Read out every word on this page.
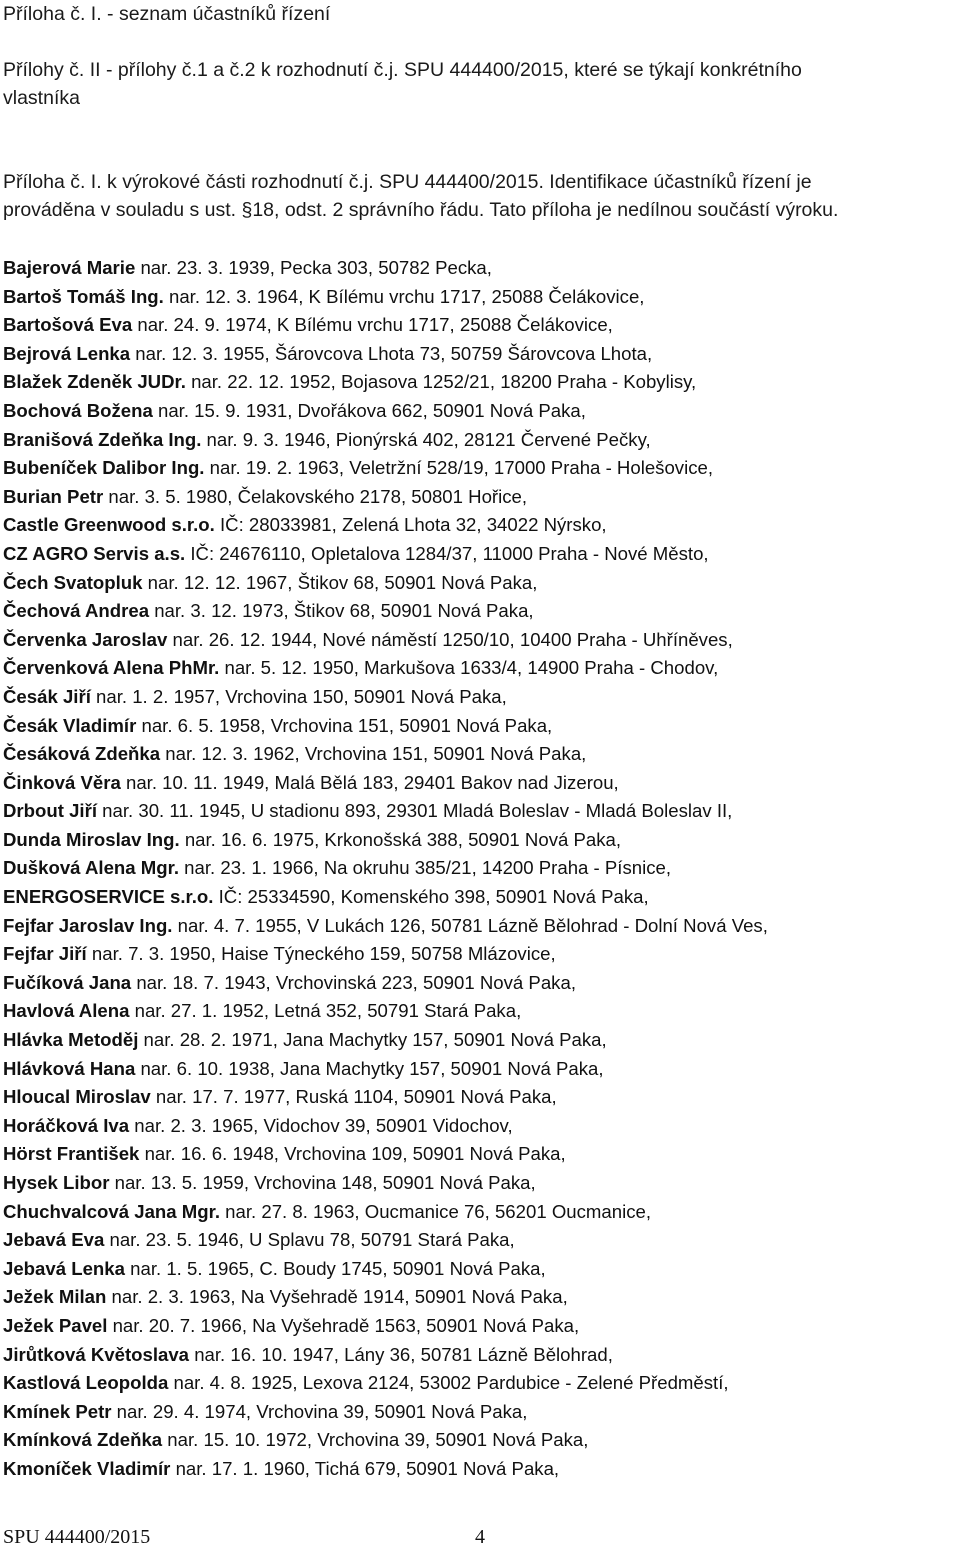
Příloha č. I. - seznam účastníků řízení

Přílohy č. II - přílohy č.1 a č.2 k rozhodnutí č.j. SPU 444400/2015, které se týkají konkrétního

vlastníka

Příloha č. I. k výrokové části rozhodnutí č.j. SPU 444400/2015. Identifikace účastníků řízení je

prováděna v souladu s ust. §18, odst. 2 správního řádu. Tato příloha je nedílnou součástí výroku.

Bajerová Marie nar. 23. 3. 1939, Pecka 303, 50782 Pecka,
Bartoš Tomáš Ing. nar. 12. 3. 1964, K Bílému vrchu 1717, 25088 Čelákovice,
Bartošová Eva nar. 24. 9. 1974, K Bílému vrchu 1717, 25088 Čelákovice,
Bejrová Lenka nar. 12. 3. 1955, Šárovcova Lhota 73, 50759 Šárovcova Lhota,
Blažek Zdeněk JUDr. nar. 22. 12. 1952, Bojasova 1252/21, 18200 Praha - Kobylisy,
Bochová Božena nar. 15. 9. 1931, Dvořákova 662, 50901 Nová Paka,
Branišová Zdeňka Ing. nar. 9. 3. 1946, Pionýrská 402, 28121 Červené Pečky,
Bubeníček Dalibor Ing. nar. 19. 2. 1963, Veletržní 528/19, 17000 Praha - Holešovice,
Burian Petr nar. 3. 5. 1980, Čelakovského 2178, 50801 Hořice,
Castle Greenwood s.r.o. IČ: 28033981, Zelená Lhota 32, 34022 Nýrsko,
CZ AGRO Servis a.s. IČ: 24676110, Opletalova 1284/37, 11000 Praha - Nové Město,
Čech Svatopluk nar. 12. 12. 1967, Štikov 68, 50901 Nová Paka,
Čechová Andrea nar. 3. 12. 1973, Štikov 68, 50901 Nová Paka,
Červenka Jaroslav nar. 26. 12. 1944, Nové náměstí 1250/10, 10400 Praha - Uhříněves,
Červenková Alena PhMr. nar. 5. 12. 1950, Markušova 1633/4, 14900 Praha - Chodov,
Česák Jiří nar. 1. 2. 1957, Vrchovina 150, 50901 Nová Paka,
Česák Vladimír nar. 6. 5. 1958, Vrchovina 151, 50901 Nová Paka,
Česáková Zdeňka nar. 12. 3. 1962, Vrchovina 151, 50901 Nová Paka,
Činková Věra nar. 10. 11. 1949, Malá Bělá 183, 29401 Bakov nad Jizerou,
Drbout Jiří nar. 30. 11. 1945, U stadionu 893, 29301 Mladá Boleslav - Mladá Boleslav II,
Dunda Miroslav Ing. nar. 16. 6. 1975, Krkonošská 388, 50901 Nová Paka,
Dušková Alena Mgr. nar. 23. 1. 1966, Na okruhu 385/21, 14200 Praha - Písnice,
ENERGOSERVICE s.r.o. IČ: 25334590, Komenského 398, 50901 Nová Paka,
Fejfar Jaroslav Ing. nar. 4. 7. 1955, V Lukách 126, 50781 Lázně Bělohrad - Dolní Nová Ves,
Fejfar Jiří nar. 7. 3. 1950, Haise Týneckého 159, 50758 Mlázovice,
Fučíková Jana nar. 18. 7. 1943, Vrchovinská 223, 50901 Nová Paka,
Havlová Alena nar. 27. 1. 1952, Letná 352, 50791 Stará Paka,
Hlávka Metoděj nar. 28. 2. 1971, Jana Machytky 157, 50901 Nová Paka,
Hlávková Hana nar. 6. 10. 1938, Jana Machytky 157, 50901 Nová Paka,
Hloucal Miroslav nar. 17. 7. 1977, Ruská 1104, 50901 Nová Paka,
Horáčková Iva nar. 2. 3. 1965, Vidochov 39, 50901 Vidochov,
Hörst František nar. 16. 6. 1948, Vrchovina 109, 50901 Nová Paka,
Hysek Libor nar. 13. 5. 1959, Vrchovina 148, 50901 Nová Paka,
Chuchvalcová Jana Mgr. nar. 27. 8. 1963, Oucmanice 76, 56201 Oucmanice,
Jebavá Eva nar. 23. 5. 1946, U Splavu 78, 50791 Stará Paka,
Jebavá Lenka nar. 1. 5. 1965, C. Boudy 1745, 50901 Nová Paka,
Ježek Milan nar. 2. 3. 1963, Na Vyšehradě 1914, 50901 Nová Paka,
Ježek Pavel nar. 20. 7. 1966, Na Vyšehradě 1563, 50901 Nová Paka,
Jirůtková Květoslava nar. 16. 10. 1947, Lány 36, 50781 Lázně Bělohrad,
Kastlová Leopolda nar. 4. 8. 1925, Lexova 2124, 53002 Pardubice - Zelené Předměstí,
Kmínek Petr nar. 29. 4. 1974, Vrchovina 39, 50901 Nová Paka,
Kmínková Zdeňka nar. 15. 10. 1972, Vrchovina 39, 50901 Nová Paka,
Kmoníček Vladimír nar. 17. 1. 1960, Tichá 679, 50901 Nová Paka,
SPU 444400/2015	4
